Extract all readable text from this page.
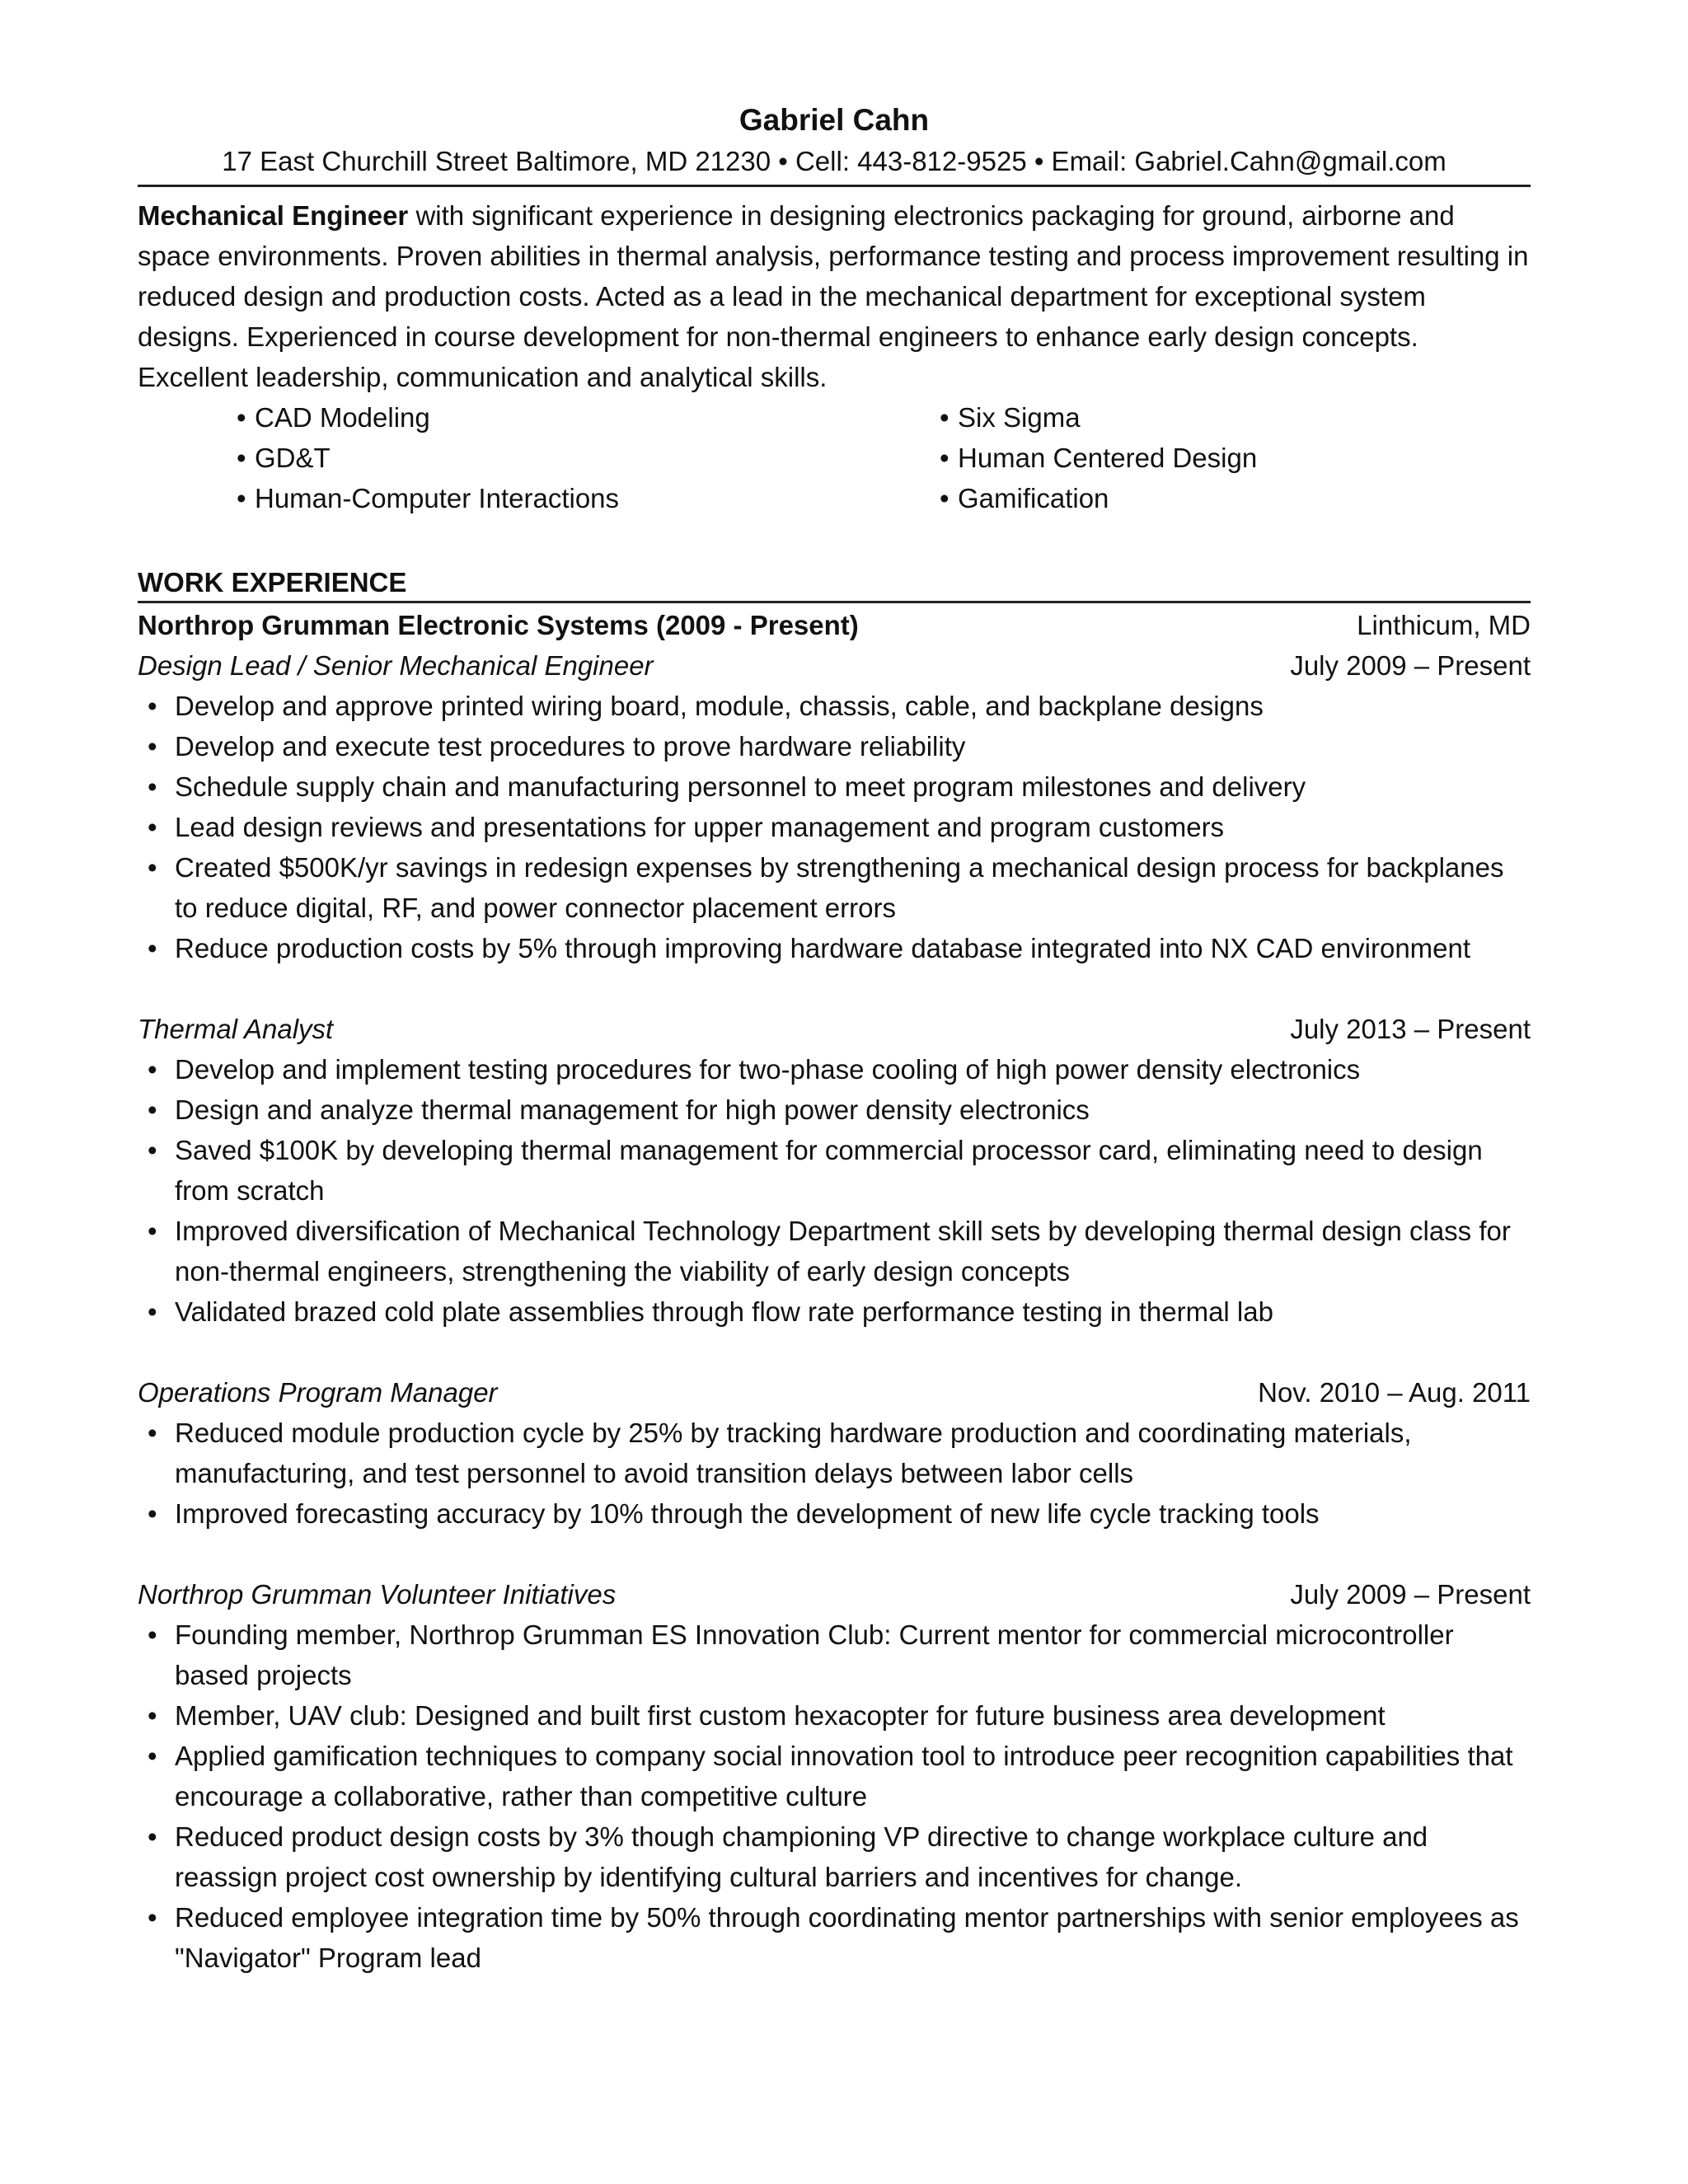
Gabriel Cahn
17 East Churchill Street Baltimore, MD 21230 • Cell: 443-812-9525 • Email: Gabriel.Cahn@gmail.com
Mechanical Engineer with significant experience in designing electronics packaging for ground, airborne and space environments. Proven abilities in thermal analysis, performance testing and process improvement resulting in reduced design and production costs. Acted as a lead in the mechanical department for exceptional system designs. Experienced in course development for non-thermal engineers to enhance early design concepts. Excellent leadership, communication and analytical skills.
• CAD Modeling	• Six Sigma
• GD&T	• Human Centered Design
• Human-Computer Interactions	• Gamification
WORK EXPERIENCE
Northrop Grumman Electronic Systems (2009 - Present)	Linthicum, MD
Design Lead / Senior Mechanical Engineer	July 2009 – Present
• Develop and approve printed wiring board, module, chassis, cable, and backplane designs
• Develop and execute test procedures to prove hardware reliability
• Schedule supply chain and manufacturing personnel to meet program milestones and delivery
• Lead design reviews and presentations for upper management and program customers
• Created $500K/yr savings in redesign expenses by strengthening a mechanical design process for backplanes to reduce digital, RF, and power connector placement errors
• Reduce production costs by 5% through improving hardware database integrated into NX CAD environment
Thermal Analyst	July 2013 – Present
• Develop and implement testing procedures for two-phase cooling of high power density electronics
• Design and analyze thermal management for high power density electronics
• Saved $100K by developing thermal management for commercial processor card, eliminating need to design from scratch
• Improved diversification of Mechanical Technology Department skill sets by developing thermal design class for non-thermal engineers, strengthening the viability of early design concepts
• Validated brazed cold plate assemblies through flow rate performance testing in thermal lab
Operations Program Manager	Nov. 2010 – Aug. 2011
• Reduced module production cycle by 25% by tracking hardware production and coordinating materials, manufacturing, and test personnel to avoid transition delays between labor cells
• Improved forecasting accuracy by 10% through the development of new life cycle tracking tools
Northrop Grumman Volunteer Initiatives	July 2009 – Present
• Founding member, Northrop Grumman ES Innovation Club: Current mentor for commercial microcontroller based projects
• Member, UAV club: Designed and built first custom hexacopter for future business area development
• Applied gamification techniques to company social innovation tool to introduce peer recognition capabilities that encourage a collaborative, rather than competitive culture
• Reduced product design costs by 3% though championing VP directive to change workplace culture and reassign project cost ownership by identifying cultural barriers and incentives for change.
• Reduced employee integration time by 50% through coordinating mentor partnerships with senior employees as "Navigator" Program lead
